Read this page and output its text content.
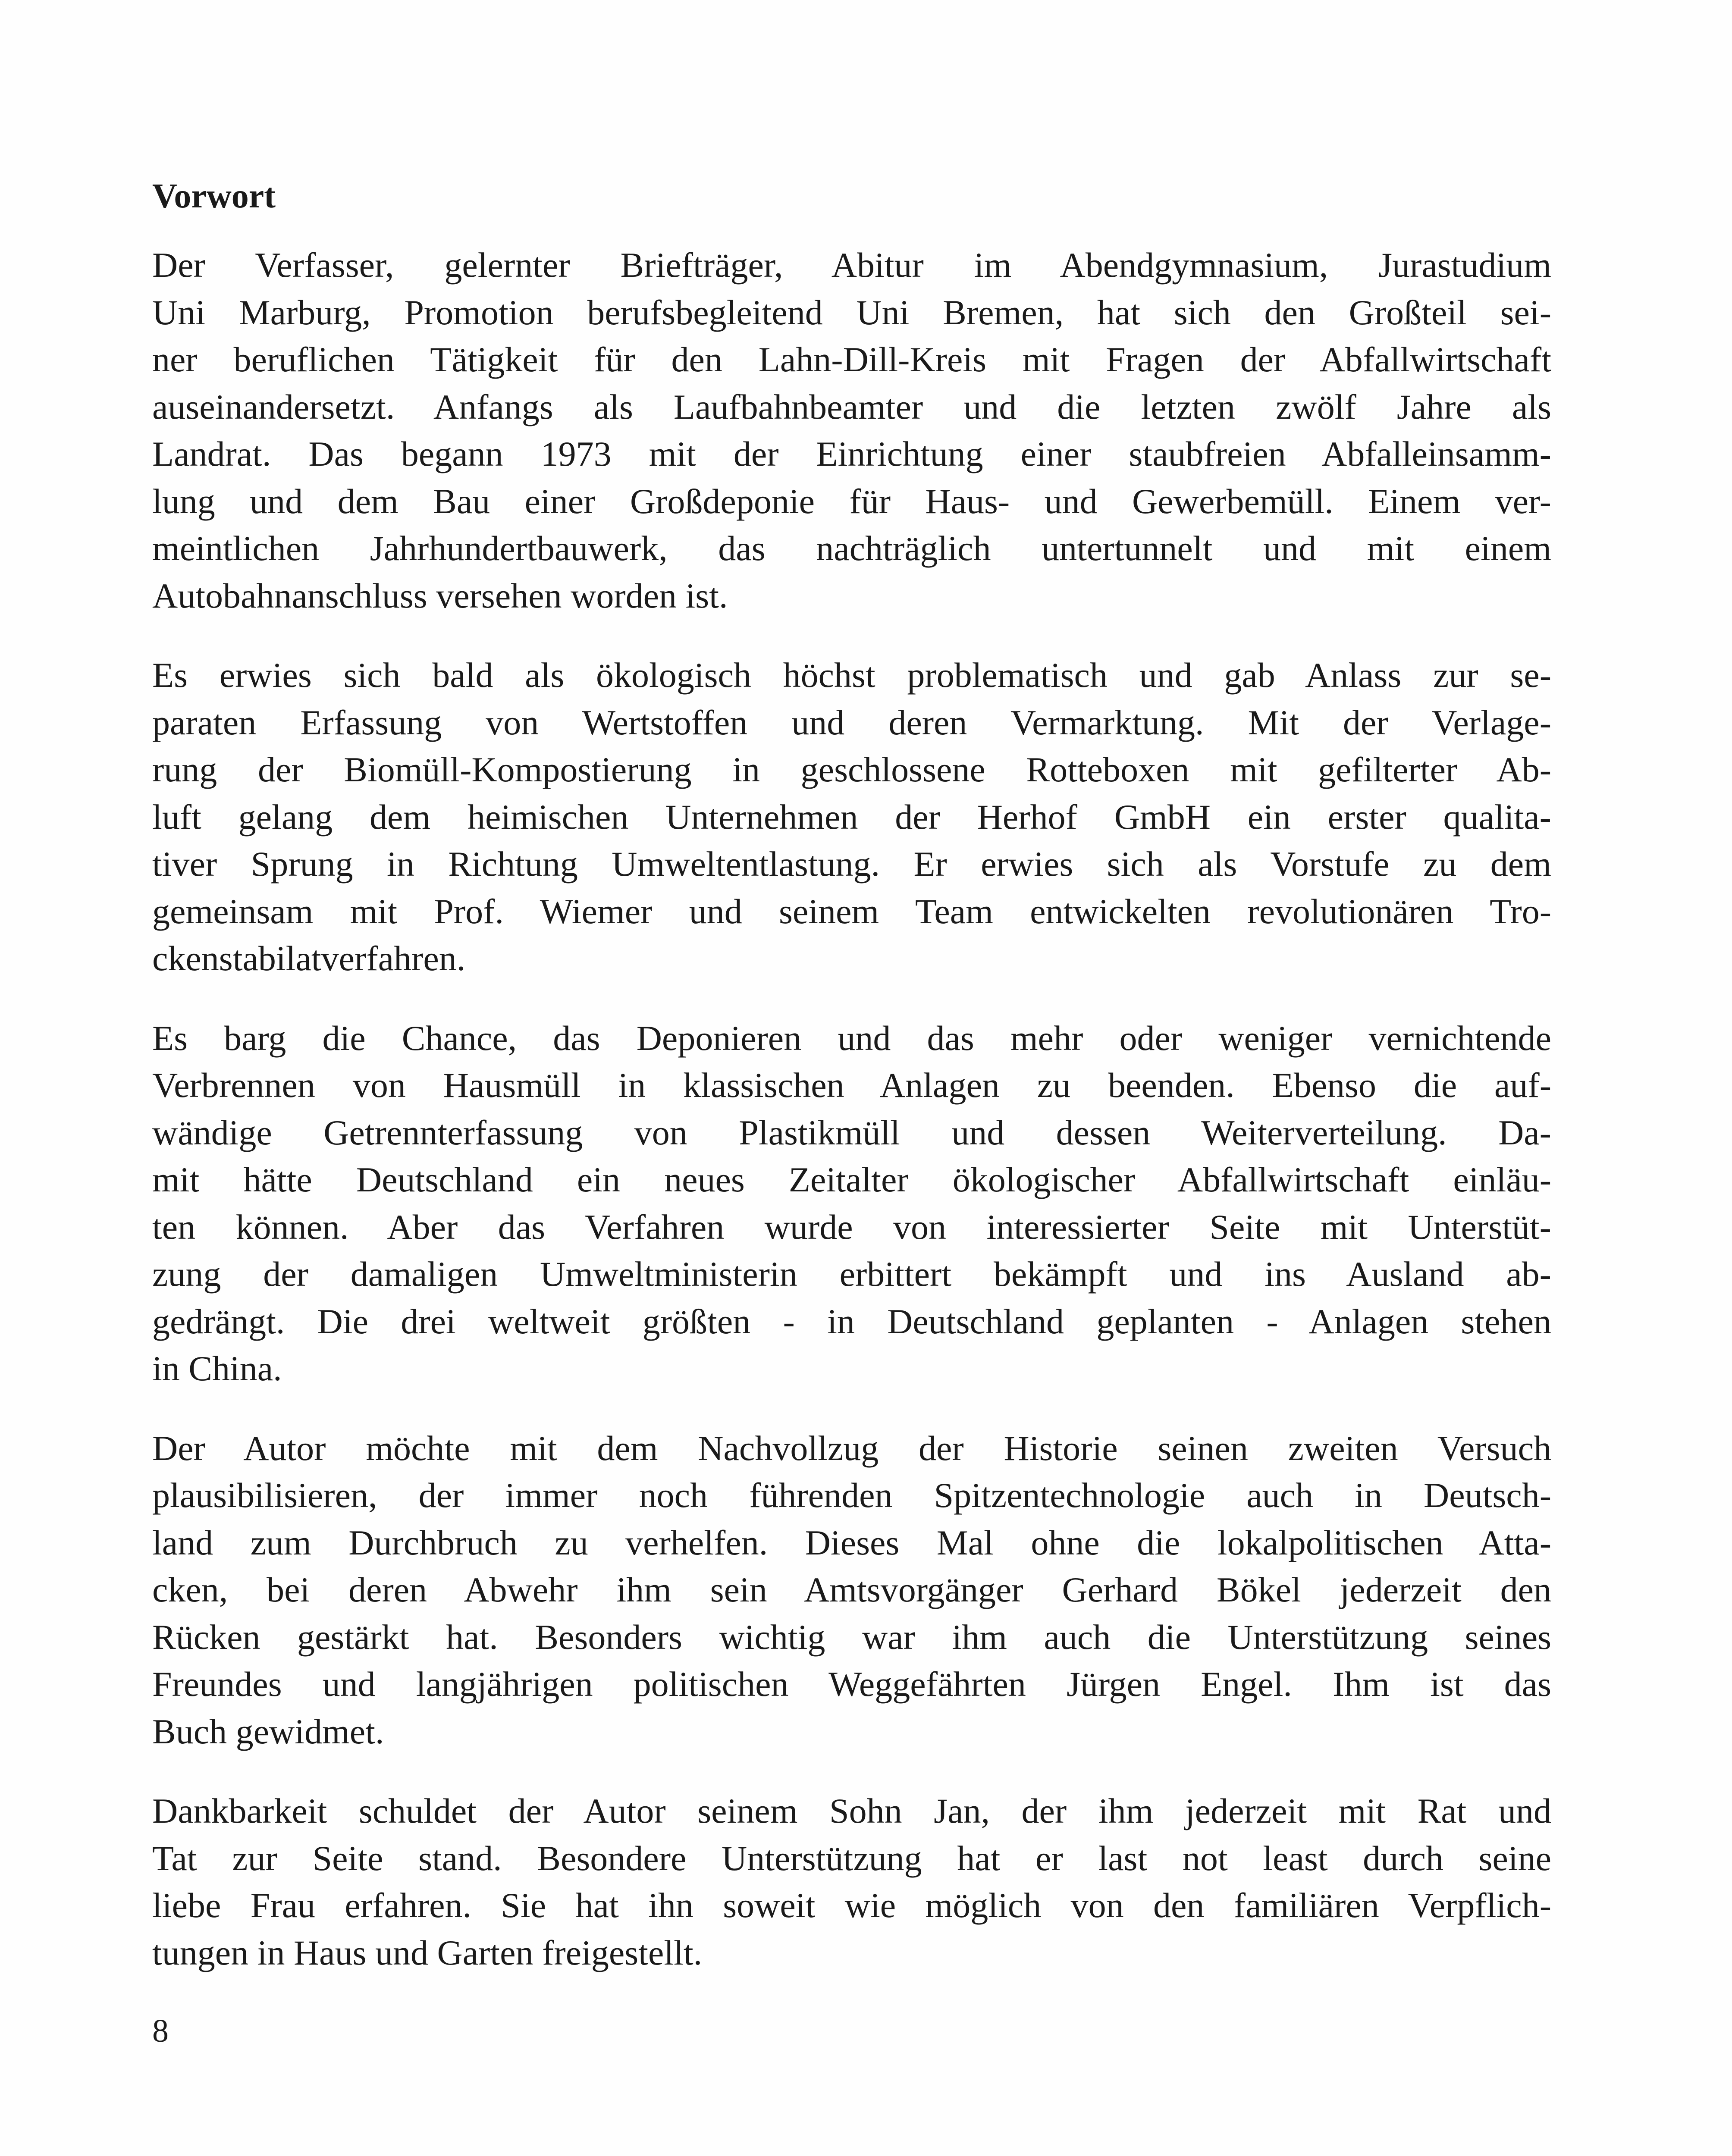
Vorwort
Der Verfasser, gelernter Briefträger, Abitur im Abendgymnasium, Jurastudium
Uni Marburg, Promotion berufsbegleitend Uni Bremen, hat sich den Großteil sei-
ner beruflichen Tätigkeit für den Lahn-Dill-Kreis mit Fragen der Abfallwirtschaft
auseinandersetzt. Anfangs als Laufbahnbeamter und die letzten zwölf Jahre als
Landrat. Das begann 1973 mit der Einrichtung einer staubfreien Abfalleinsamm-
lung und dem Bau einer Großdeponie für Haus- und Gewerbemüll. Einem ver-
meintlichen Jahrhundertbauwerk, das nachträglich untertunnelt und mit einem
Autobahnanschluss versehen worden ist.
Es erwies sich bald als ökologisch höchst problematisch und gab Anlass zur se-
paraten Erfassung von Wertstoffen und deren Vermarktung. Mit der Verlage-
rung der Biomüll-Kompostierung in geschlossene Rotteboxen mit gefilterter Ab-
luft gelang dem heimischen Unternehmen der Herhof GmbH ein erster qualita-
tiver Sprung in Richtung Umweltentlastung. Er erwies sich als Vorstufe zu dem
gemeinsam mit Prof. Wiemer und seinem Team entwickelten revolutionären Tro-
ckenstabilatverfahren.
Es barg die Chance, das Deponieren und das mehr oder weniger vernichtende
Verbrennen von Hausmüll in klassischen Anlagen zu beenden. Ebenso die auf-
wändige Getrennterfassung von Plastikmüll und dessen Weiterverteilung. Da-
mit hätte Deutschland ein neues Zeitalter ökologischer Abfallwirtschaft einläu-
ten können. Aber das Verfahren wurde von interessierter Seite mit Unterstüt-
zung der damaligen Umweltministerin erbittert bekämpft und ins Ausland ab-
gedrängt. Die drei weltweit größten - in Deutschland geplanten - Anlagen stehen
in China.
Der Autor möchte mit dem Nachvollzug der Historie seinen zweiten Versuch
plausibilisieren, der immer noch führenden Spitzentechnologie auch in Deutsch-
land zum Durchbruch zu verhelfen. Dieses Mal ohne die lokalpolitischen Atta-
cken, bei deren Abwehr ihm sein Amtsvorgänger Gerhard Bökel jederzeit den
Rücken gestärkt hat. Besonders wichtig war ihm auch die Unterstützung seines
Freundes und langjährigen politischen Weggefährten Jürgen Engel. Ihm ist das
Buch gewidmet.
Dankbarkeit schuldet der Autor seinem Sohn Jan, der ihm jederzeit mit Rat und
Tat zur Seite stand. Besondere Unterstützung hat er last not least durch seine
liebe Frau erfahren. Sie hat ihn soweit wie möglich von den familiären Verpflich-
tungen in Haus und Garten freigestellt.
8
